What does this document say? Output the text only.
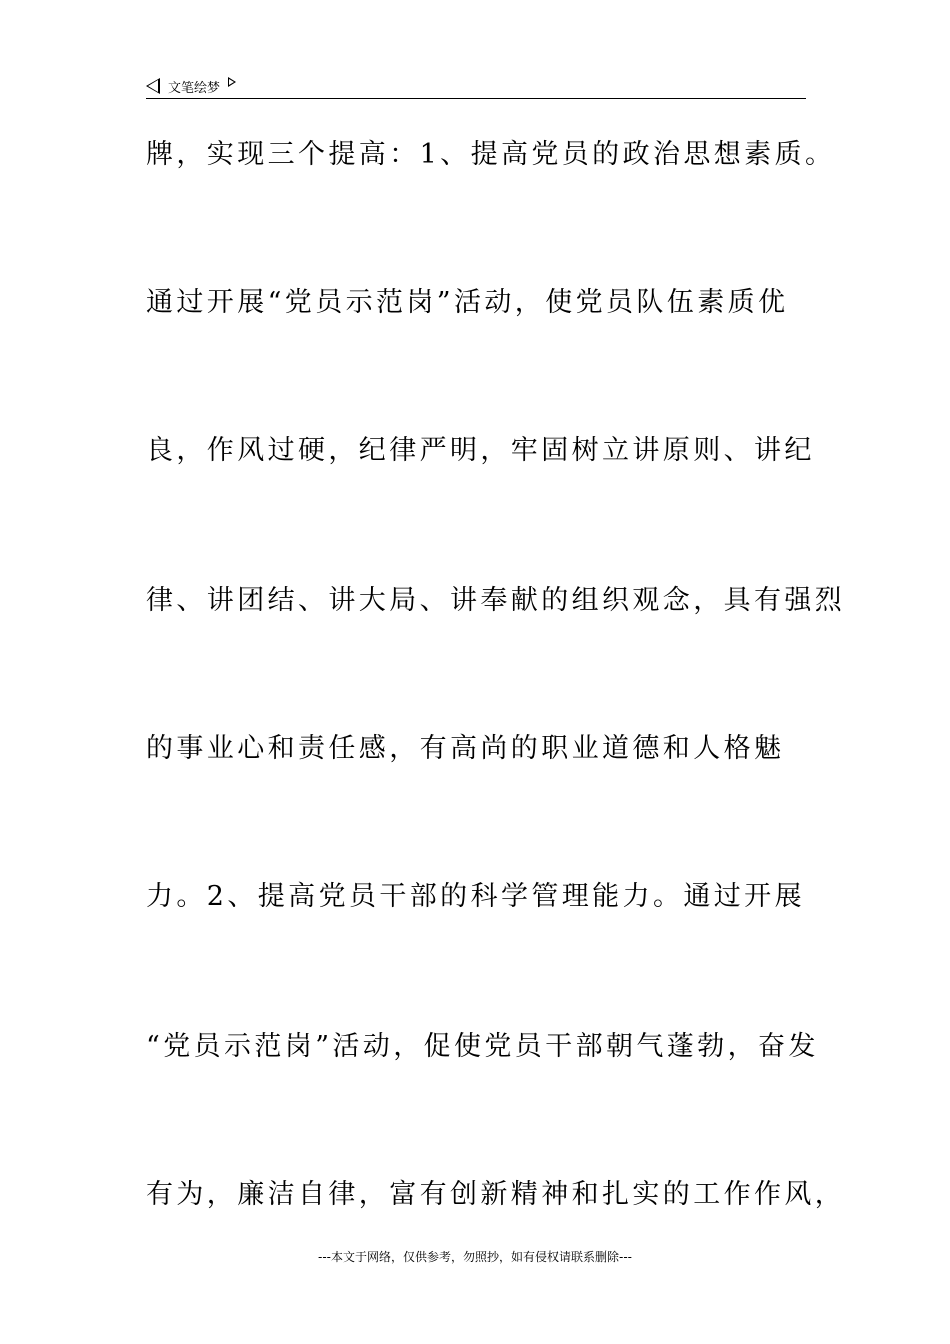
文笔绘梦
牌，实现三个提高：1、提高党员的政治思想素质。
通过开展“党员示范岗”活动，使党员队伍素质优
良，作风过硬，纪律严明，牢固树立讲原则、讲纪
律、讲团结、讲大局、讲奉献的组织观念，具有强烈
的事业心和责任感，有高尚的职业道德和人格魅
力。2、提高党员干部的科学管理能力。通过开展
“党员示范岗”活动，促使党员干部朝气蓬勃，奋发
有为，廉洁自律，富有创新精神和扎实的工作作风，
---本文于网络，仅供参考，勿照抄，如有侵权请联系删除---
